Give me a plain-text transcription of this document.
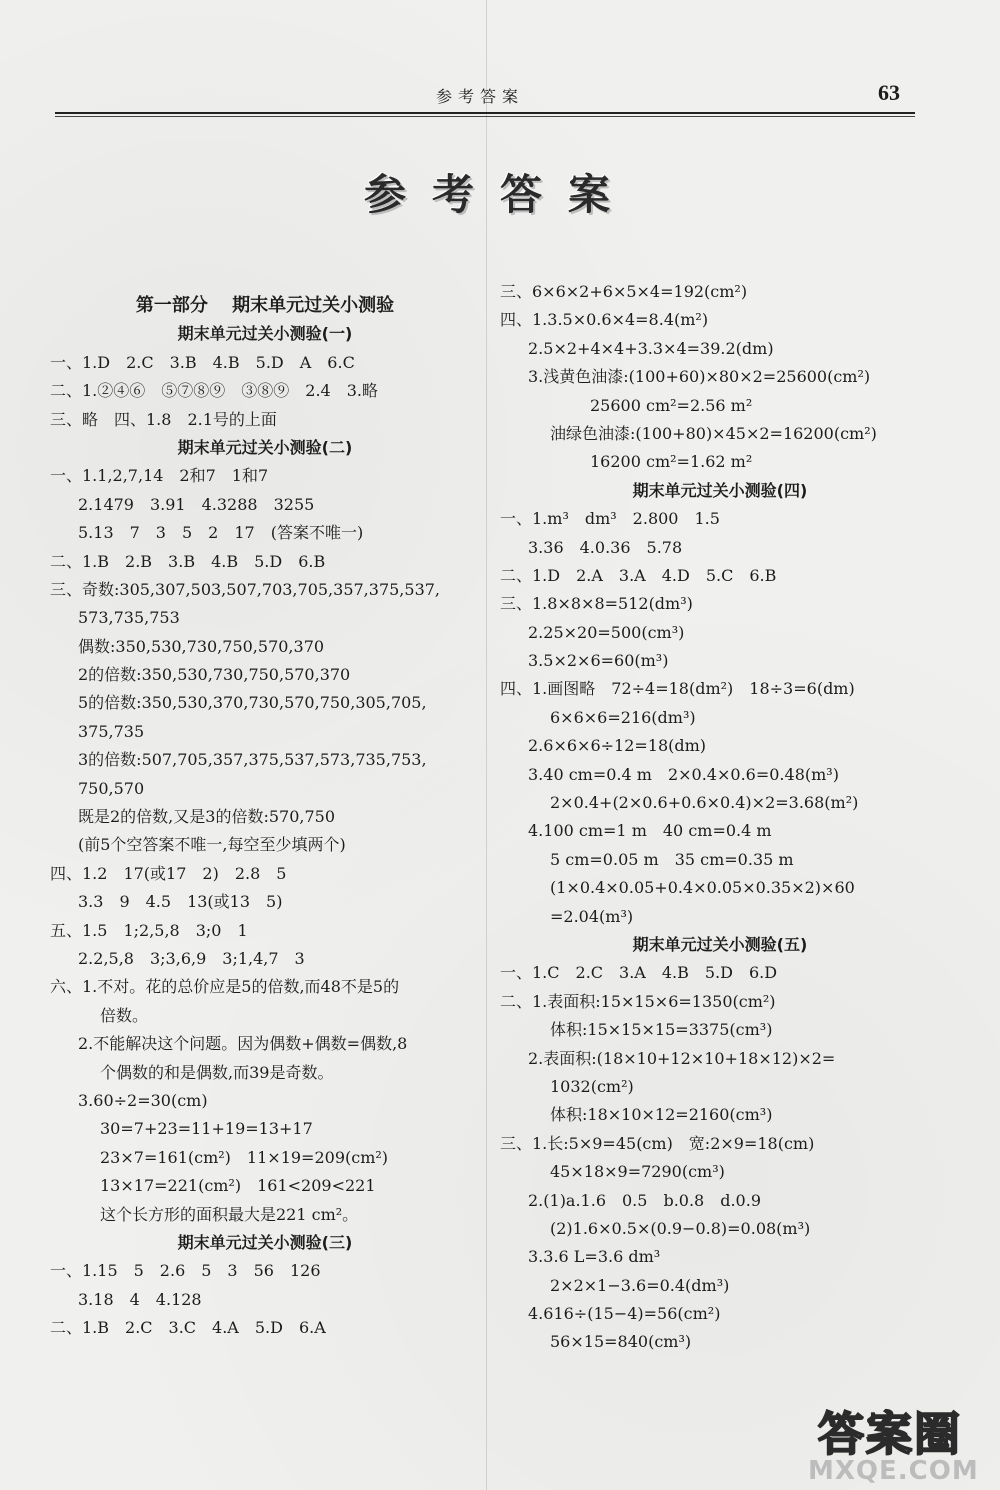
参考答案	63
参考答案
第一部分　 期末单元过关小测验
期末单元过关小测验(一)
一、1.D　2.C　3.B　4.B　5.D　A　6.C
二、1.②④⑥　⑤⑦⑧⑨　③⑧⑨　2.4　3.略
三、略　四、1.8　2.1号的上面
期末单元过关小测验(二)
一、1.1,2,7,14　2和7　1和7
2.1479　3.91　4.3288　3255
5.13　7　3　5　2　17　(答案不唯一)
二、1.B　2.B　3.B　4.B　5.D　6.B
三、奇数:305,307,503,507,703,705,357,375,537,
573,735,753
偶数:350,530,730,750,570,370
2的倍数:350,530,730,750,570,370
5的倍数:350,530,370,730,570,750,305,705,
375,735
3的倍数:507,705,357,375,537,573,735,753,
750,570
既是2的倍数,又是3的倍数:570,750
(前5个空答案不唯一,每空至少填两个)
四、1.2　17(或17　2)　2.8　5
3.3　9　4.5　13(或13　5)
五、1.5　1;2,5,8　3;0　1
2.2,5,8　3;3,6,9　3;1,4,7　3
六、1.不对。花的总价应是5的倍数,而48不是5的
倍数。
2.不能解决这个问题。因为偶数+偶数=偶数,8
个偶数的和是偶数,而39是奇数。
3.60÷2=30(cm)
30=7+23=11+19=13+17
23×7=161(cm²)　11×19=209(cm²)
13×17=221(cm²)　161<209<221
这个长方形的面积最大是221 cm²。
期末单元过关小测验(三)
一、1.15　5　2.6　5　3　56　126
3.18　4　4.128
二、1.B　2.C　3.C　4.A　5.D　6.A
三、6×6×2+6×5×4=192(cm²)
四、1.3.5×0.6×4=8.4(m²)
2.5×2+4×4+3.3×4=39.2(dm)
3.浅黄色油漆:(100+60)×80×2=25600(cm²)
25600 cm²=2.56 m²
油绿色油漆:(100+80)×45×2=16200(cm²)
16200 cm²=1.62 m²
期末单元过关小测验(四)
一、1.m³　dm³　2.800　1.5
3.36　4.0.36　5.78
二、1.D　2.A　3.A　4.D　5.C　6.B
三、1.8×8×8=512(dm³)
2.25×20=500(cm³)
3.5×2×6=60(m³)
四、1.画图略　72÷4=18(dm²)　18÷3=6(dm)
6×6×6=216(dm³)
2.6×6×6÷12=18(dm)
3.40 cm=0.4 m　2×0.4×0.6=0.48(m³)
2×0.4+(2×0.6+0.6×0.4)×2=3.68(m²)
4.100 cm=1 m　40 cm=0.4 m
5 cm=0.05 m　35 cm=0.35 m
(1×0.4×0.05+0.4×0.05×0.35×2)×60
=2.04(m³)
期末单元过关小测验(五)
一、1.C　2.C　3.A　4.B　5.D　6.D
二、1.表面积:15×15×6=1350(cm²)
体积:15×15×15=3375(cm³)
2.表面积:(18×10+12×10+18×12)×2=
1032(cm²)
体积:18×10×12=2160(cm³)
三、1.长:5×9=45(cm)　宽:2×9=18(cm)
45×18×9=7290(cm³)
2.(1)a.1.6　0.5　b.0.8　d.0.9
(2)1.6×0.5×(0.9−0.8)=0.08(m³)
3.3.6 L=3.6 dm³
2×2×1−3.6=0.4(dm³)
4.616÷(15−4)=56(cm²)
56×15=840(cm³)
答案圈
MXQE.COM
